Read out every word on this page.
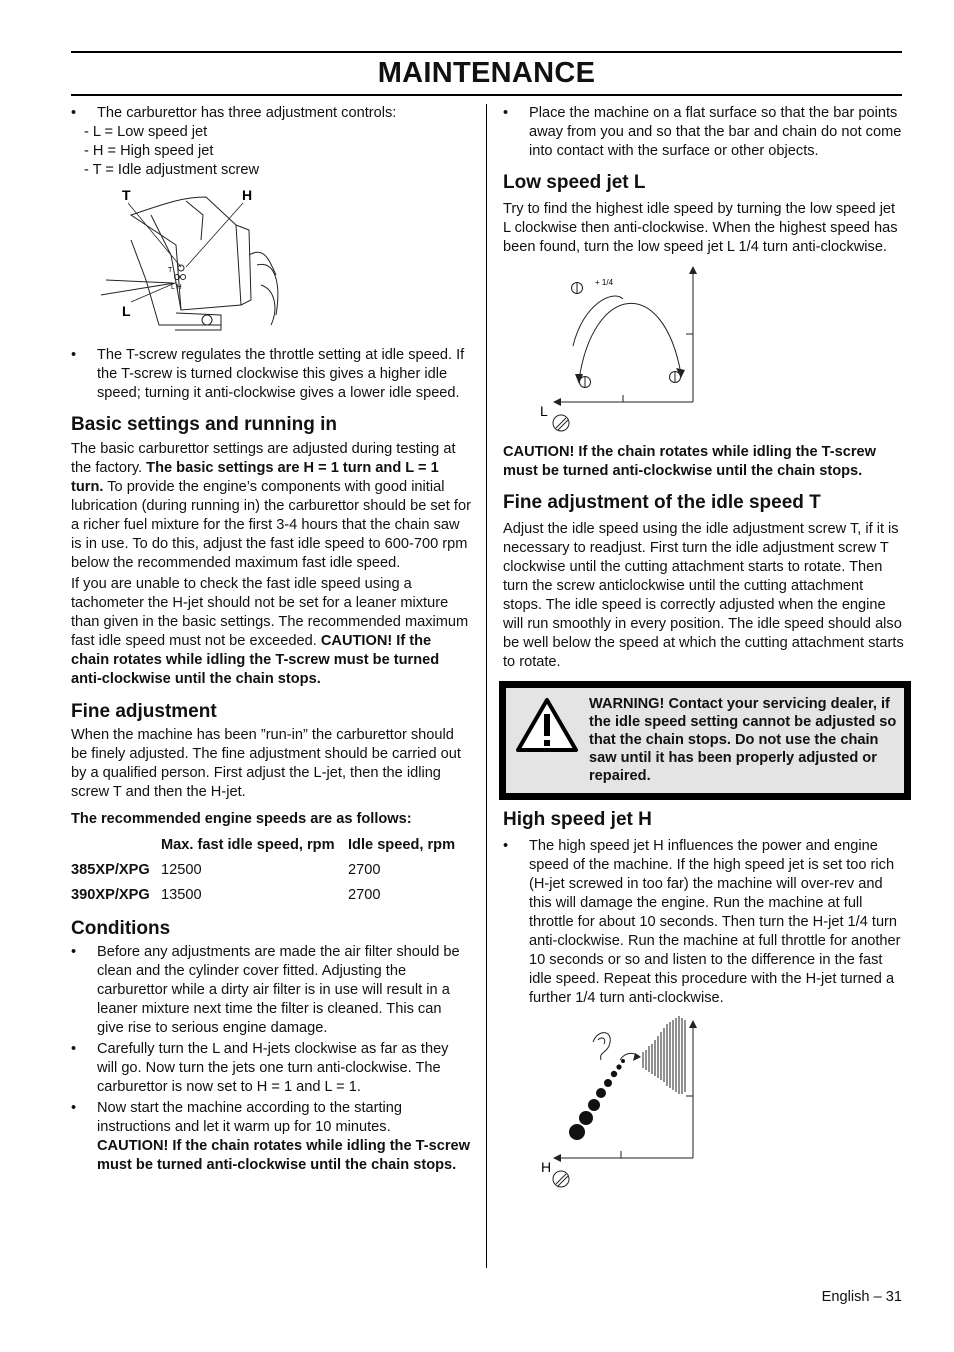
MAINTENANCE

• The carburettor has three adjustment controls:

- L = Low speed jet

- H = High speed jet

- T = Idle adjustment screw

T	H
L
T
L H

• The T-screw regulates the throttle setting at idle speed. If the T-screw is turned clockwise this gives a higher idle speed; turning it anti-clockwise gives a lower idle speed.

Basic settings and running in

The basic carburettor settings are adjusted during testing at the factory. The basic settings are H = 1 turn and L = 1 turn. To provide the engine’s components with good initial lubrication (during running in) the carburettor should be set for a richer fuel mixture for the first 3-4 hours that the chain saw is in use. To do this, adjust the fast idle speed to 600-700 rpm below the recommended maximum fast idle speed.

If you are unable to check the fast idle speed using a tachometer the H-jet should not be set for a leaner mixture than given in the basic settings. The recommended maximum fast idle speed must not be exceeded. CAUTION! If the chain rotates while idling the T-screw must be turned anti-clockwise until the chain stops.

Fine adjustment

When the machine has been ”run-in” the carburettor should be finely adjusted. The fine adjustment should be carried out by a qualified person. First adjust the L-jet, then the idling screw T and then the H-jet.

The recommended engine speeds are as follows:

	Max. fast idle speed, rpm	Idle speed, rpm
385XP/XPG	12500	2700
390XP/XPG	13500	2700
Conditions

• Before any adjustments are made the air filter should be clean and the cylinder cover fitted. Adjusting the carburettor while a dirty air filter is in use will result in a leaner mixture next time the filter is cleaned. This can give rise to serious engine damage.

• Carefully turn the L and H-jets clockwise as far as they will go. Now turn the jets one turn anti-clockwise. The carburettor is now set to H = 1 and L = 1.

• Now start the machine according to the starting instructions and let it warm up for 10 minutes.
CAUTION! If the chain rotates while idling the T-screw must be turned anti-clockwise until the chain stops.

• Place the machine on a flat surface so that the bar points away from you and so that the bar and chain do not come into contact with the surface or other objects.

Low speed jet L

Try to find the highest idle speed by turning the low speed jet L clockwise then anti-clockwise. When the highest speed has been found, turn the low speed jet L 1/4 turn anti-clockwise.

+ 1/4
L

CAUTION! If the chain rotates while idling the T-screw must be turned anti-clockwise until the chain stops.

Fine adjustment of the idle speed T

Adjust the idle speed using the idle adjustment screw T, if it is necessary to readjust. First turn the idle adjustment screw T clockwise until the cutting attachment starts to rotate. Then turn the screw anticlockwise until the cutting attachment stops. The idle speed is correctly adjusted when the engine will run smoothly in every position. The idle speed should also be well below the speed at which the cutting attachment starts to rotate.

WARNING! Contact your servicing dealer, if the idle speed setting cannot be adjusted so that the chain stops. Do not use the chain saw until it has been properly adjusted or repaired.

High speed jet H

• The high speed jet H influences the power and engine speed of the machine. If the high speed jet is set too rich (H-jet screwed in too far) the machine will over-rev and this will damage the engine. Run the machine at full throttle for about 10 seconds. Then turn the H-jet 1/4 turn anti-clockwise. Run the machine at full throttle for another 10 seconds or so and listen to the difference in the fast idle speed. Repeat this procedure with the H-jet turned a further 1/4 turn anti-clockwise.

H
English – 31
